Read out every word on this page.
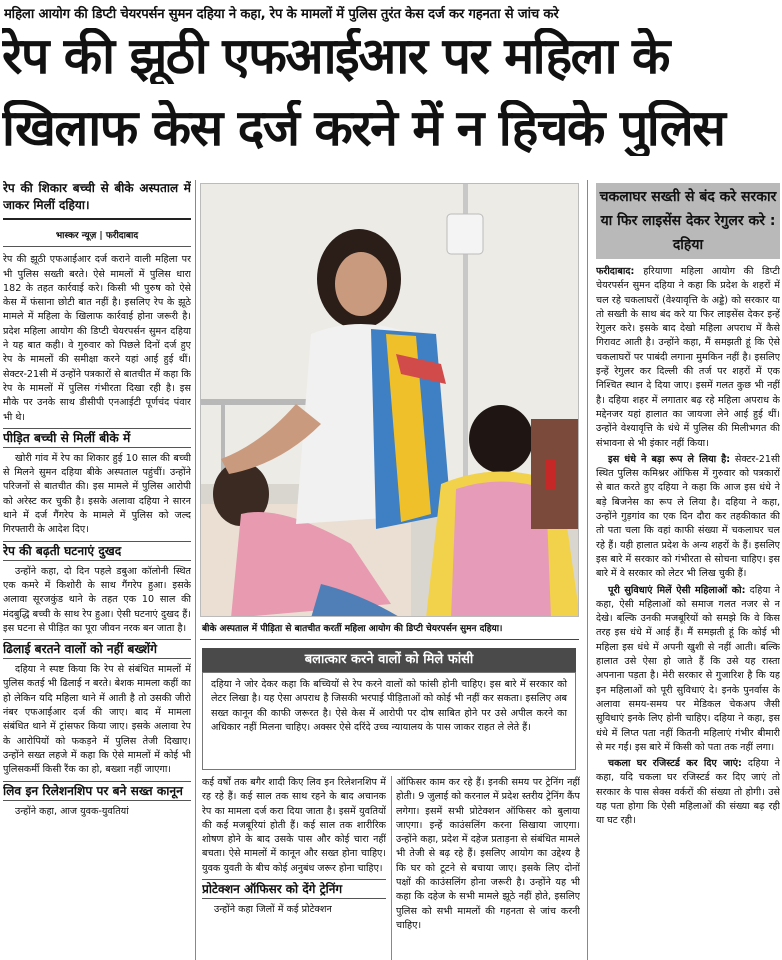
महिला आयोग की डिप्टी चेयरपर्सन सुमन दहिया ने कहा, रेप के मामलों में पुलिस तुरंत केस दर्ज कर गहनता से जांच करे
रेप की झूठी एफआईआर पर महिला के
खिलाफ केस दर्ज करने में न हिचके पुलिस
रेप की शिकार बच्ची से बीके अस्पताल में जाकर मिलीं दहिया।
भास्कर न्यूज़ | फरीदाबाद

रेप की झूठी एफआईआर दर्ज कराने वाली महिला पर भी पुलिस सख्ती बरते। ऐसे मामलों में पुलिस धारा 182 के तहत कार्रवाई करे। किसी भी पुरुष को ऐसे केस में फंसाना छोटी बात नहीं है। इसलिए रेप के झूठे मामले में महिला के खिलाफ कार्रवाई होना जरूरी है। प्रदेश महिला आयोग की डिप्टी चेयरपर्सन सुमन दहिया ने यह बात कही। वे गुरुवार को पिछले दिनों दर्ज हुए रेप के मामलों की समीक्षा करने यहां आई हुई थीं। सेक्टर-21सी में उन्होंने पत्रकारों से बातचीत में कहा कि रेप के मामलों में पुलिस गंभीरता दिखा रही है। इस मौके पर उनके साथ डीसीपी एनआईटी पूर्णचंद पंवार भी थे।

पीड़ित बच्ची से मिलीं बीके में

खोरी गांव में रेप का शिकार हुई 10 साल की बच्ची से मिलने सुमन दहिया बीके अस्पताल पहुंचीं। उन्होंने परिजनों से बातचीत की। इस मामले में पुलिस आरोपी को अरेस्ट कर चुकी है। इसके अलावा दहिया ने सारन थाने में दर्ज गैंगरेप के मामले में पुलिस को जल्द गिरफ्तारी के आदेश दिए।

रेप की बढ़ती घटनाएं दुखद

उन्होंने कहा, दो दिन पहले डबुआ कॉलोनी स्थित एक कमरे में किशोरी के साथ गैंगरेप हुआ। इसके अलावा सूरजकुंड थाने के तहत एक 10 साल की मंदबुद्धि बच्ची के साथ रेप हुआ। ऐसी घटनाएं दुखद हैं। इस घटना से पीड़ित का पूरा जीवन नरक बन जाता है।

ढिलाई बरतने वालों को नहीं बख्शेंगे

दहिया ने स्पष्ट किया कि रेप से संबंधित मामलों में पुलिस कतई भी ढिलाई न बरते। बेशक मामला कहीं का हो लेकिन यदि महिला थाने में आती है तो उसकी जीरो नंबर एफआईआर दर्ज की जाए। बाद में मामला संबंधित थाने में ट्रांसफर किया जाए। इसके अलावा रेप के आरोपियों को फकड़ने में पुलिस तेजी दिखाए। उन्होंने सख्त लहजे में कहा कि ऐसे मामलों में कोई भी पुलिसकर्मी किसी रैंक का हो, बख्शा नहीं जाएगा।

लिव इन रिलेशनशिप पर बने सख्त कानून

उन्होंने कहा, आज युवक-युवतियां

बीके अस्पताल में पीड़िता से बातचीत करतीं महिला आयोग की डिप्टी चेयरपर्सन सुमन दहिया।
बलात्कार करने वालों को मिले फांसी
दहिया ने जोर देकर कहा कि बच्चियों से रेप करने वालों को फांसी होनी चाहिए। इस बारे में सरकार को लेटर लिखा है। यह ऐसा अपराध है जिसकी भरपाई पीड़िताओं को कोई भी नहीं कर सकता। इसलिए अब सख्त कानून की काफी जरूरत है। ऐसे केस में आरोपी पर दोष साबित होने पर उसे अपील करने का अधिकार नहीं मिलना चाहिए। अक्सर ऐसे दरिंदे उच्च न्यायालय के पास जाकर राहत ले लेते हैं।

कई वर्षों तक बगैर शादी किए लिव इन रिलेशनशिप में रह रहे हैं। कई साल तक साथ रहने के बाद अचानक रेप का मामला दर्ज करा दिया जाता है। इसमें युवतियों की कई मजबूरियां होती हैं। कई साल तक शारीरिक शोषण होने के बाद उसके पास और कोई चारा नहीं बचता। ऐसे मामलों में कानून और सख्त होना चाहिए। युवक युवती के बीच कोई अनुबंध जरूर होना चाहिए।

प्रोटेक्शन ऑफिसर को देंगे ट्रेनिंग

उन्होंने कहा जिलों में कई प्रोटेक्शन

ऑफिसर काम कर रहे हैं। इनकी समय पर ट्रेनिंग नहीं होती। 9 जुलाई को करनाल में प्रदेश स्तरीय ट्रेनिंग कैंप लगेगा। इसमें सभी प्रोटेक्शन ऑफिसर को बुलाया जाएगा। इन्हें काउंसलिंग करना सिखाया जाएगा। उन्होंने कहा, प्रदेश में दहेज प्रताड़ना से संबंधित मामले भी तेजी से बढ़ रहे हैं। इसलिए आयोग का उद्देश्य है कि घर को टूटने से बचाया जाए। इसके लिए दोनों पक्षों की काउंसलिंग होना जरूरी है। उन्होंने यह भी कहा कि दहेज के सभी मामले झूठे नहीं होते, इसलिए पुलिस को सभी मामलों की गहनता से जांच करनी चाहिए।

चकलाघर सख्ती से बंद करे सरकार या फिर लाइसेंस देकर रेगुलर करे : दहिया

फरीदाबाद: हरियाणा महिला आयोग की डिप्टी चेयरपर्सन सुमन दहिया ने कहा कि प्रदेश के शहरों में चल रहे चकलाघरों (वेश्यावृत्ति के अड्डे) को सरकार या तो सख्ती के साथ बंद करे या फिर लाइसेंस देकर इन्हें रेगुलर करे। इसके बाद देखो महिला अपराध में कैसे गिरावट आती है। उन्होंने कहा, मैं समझती हूं कि ऐसे चकलाघरों पर पाबंदी लगाना मुमकिन नहीं है। इसलिए इन्हें रेगुलर कर दिल्ली की तर्ज पर शहरों में एक निश्चित स्थान दे दिया जाए। इसमें गलत कुछ भी नहीं है। दहिया शहर में लगातार बढ़ रहे महिला अपराध के मद्देनजर यहां हालात का जायजा लेने आई हुई थीं। उन्होंने वेश्यावृत्ति के धंधे में पुलिस की मिलीभगत की संभावना से भी इंकार नहीं किया।

इस धंधे ने बड़ा रूप ले लिया है: सेक्टर-21सी स्थित पुलिस कमिश्नर ऑफिस में गुरुवार को पत्रकारों से बात करते हुए दहिया ने कहा कि आज इस धंधे ने बड़े बिजनेस का रूप ले लिया है। दहिया ने कहा, उन्होंने गुड़गांव का एक दिन दौरा कर तहकीकात की तो पता चला कि वहां काफी संख्या में चकलाघर चल रहे हैं। यही हालात प्रदेश के अन्य शहरों के हैं। इसलिए इस बारे में सरकार को गंभीरता से सोचना चाहिए। इस बारे में वे सरकार को लेटर भी लिख चुकी हैं।

पूरी सुविधाएं मिलें ऐसी महिलाओं को: दहिया ने कहा, ऐसी महिलाओं को समाज गलत नजर से न देखे। बल्कि उनकी मजबूरियों को समझे कि वे किस तरह इस धंधे में आई हैं। मैं समझती हूं कि कोई भी महिला इस धंधे में अपनी खुशी से नहीं आती। बल्कि हालात उसे ऐसा हो जाते हैं कि उसे यह रास्ता अपनाना पड़ता है। मेरी सरकार से गुजारिश है कि यह इन महिलाओं को पूरी सुविधाएं दे। इनके पुनर्वास के अलावा समय-समय पर मेडिकल चेकअप जैसी सुविधाएं इनके लिए होनी चाहिए। दहिया ने कहा, इस धंधे में लिप्त पता नहीं कितनी महिलाएं गंभीर बीमारी से मर गईं। इस बारे में किसी को पता तक नहीं लगा।

चकला घर रजिस्टर्ड कर दिए जाएं: दहिया ने कहा, यदि चकला घर रजिस्टर्ड कर दिए जाएं तो सरकार के पास सेक्स वर्करों की संख्या तो होगी। उसे यह पता होगा कि ऐसी महिलाओं की संख्या बढ़ रही या घट रही।
